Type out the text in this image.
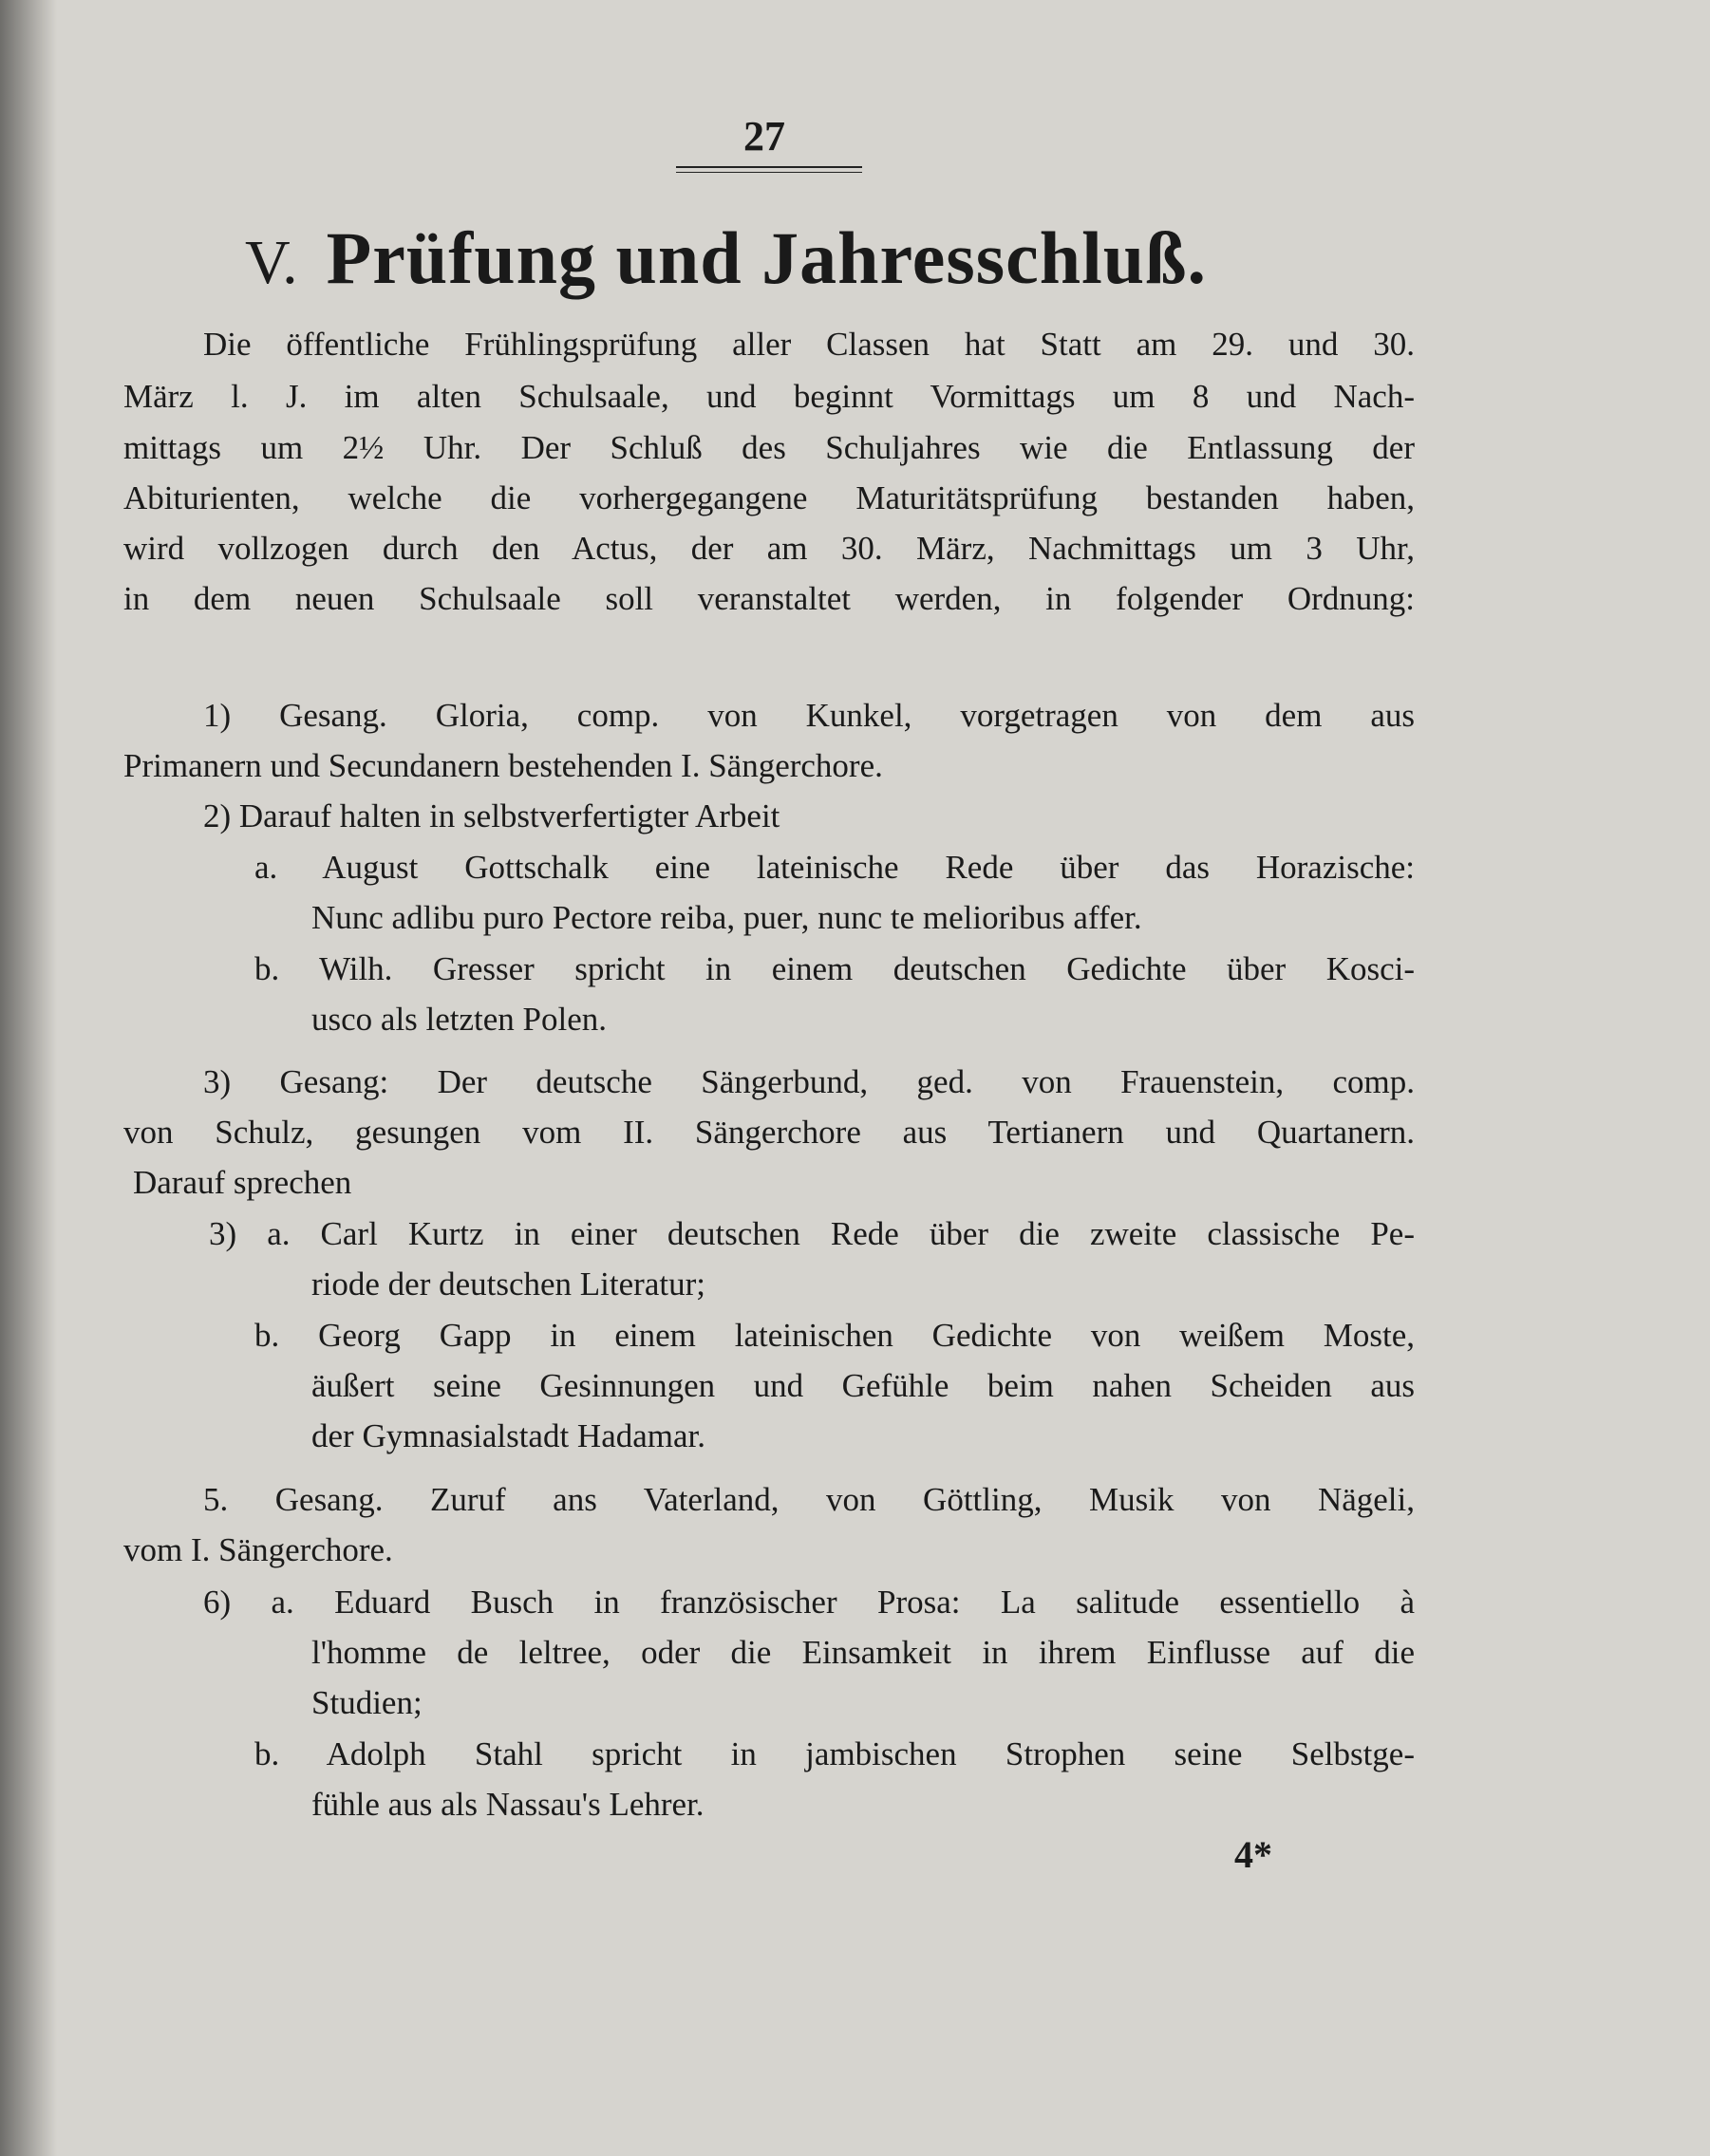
27
V. Prüfung und Jahresschluß.
Die öffentliche Frühlingsprüfung aller Classen hat Statt am 29. und 30.
März l. J. im alten Schulsaale, und beginnt Vormittags um 8 und Nach-
mittags um 2½ Uhr. Der Schluß des Schuljahres wie die Entlassung der
Abiturienten, welche die vorhergegangene Maturitätsprüfung bestanden haben,
wird vollzogen durch den Actus, der am 30. März, Nachmittags um 3 Uhr,
in dem neuen Schulsaale soll veranstaltet werden, in folgender Ordnung:
1) Gesang. Gloria, comp. von Kunkel, vorgetragen von dem aus
Primanern und Secundanern bestehenden I. Sängerchore.
2) Darauf halten in selbstverfertigter Arbeit
a. August Gottschalk eine lateinische Rede über das Horazische:
Nunc adlibu puro Pectore reiba, puer, nunc te melioribus affer.
b. Wilh. Gresser spricht in einem deutschen Gedichte über Kosci-
usco als letzten Polen.
3) Gesang: Der deutsche Sängerbund, ged. von Frauenstein, comp.
von Schulz, gesungen vom II. Sängerchore aus Tertianern und Quartanern.
Darauf sprechen
3) a. Carl Kurtz in einer deutschen Rede über die zweite classische Pe-
riode der deutschen Literatur;
b. Georg Gapp in einem lateinischen Gedichte von weißem Moste,
äußert seine Gesinnungen und Gefühle beim nahen Scheiden aus
der Gymnasialstadt Hadamar.
5. Gesang. Zuruf ans Vaterland, von Göttling, Musik von Nägeli,
vom I. Sängerchore.
6) a. Eduard Busch in französischer Prosa: La salitude essentiello à
l'homme de leltree, oder die Einsamkeit in ihrem Einflusse auf die
Studien;
b. Adolph Stahl spricht in jambischen Strophen seine Selbstge-
fühle aus als Nassau's Lehrer.
4*
